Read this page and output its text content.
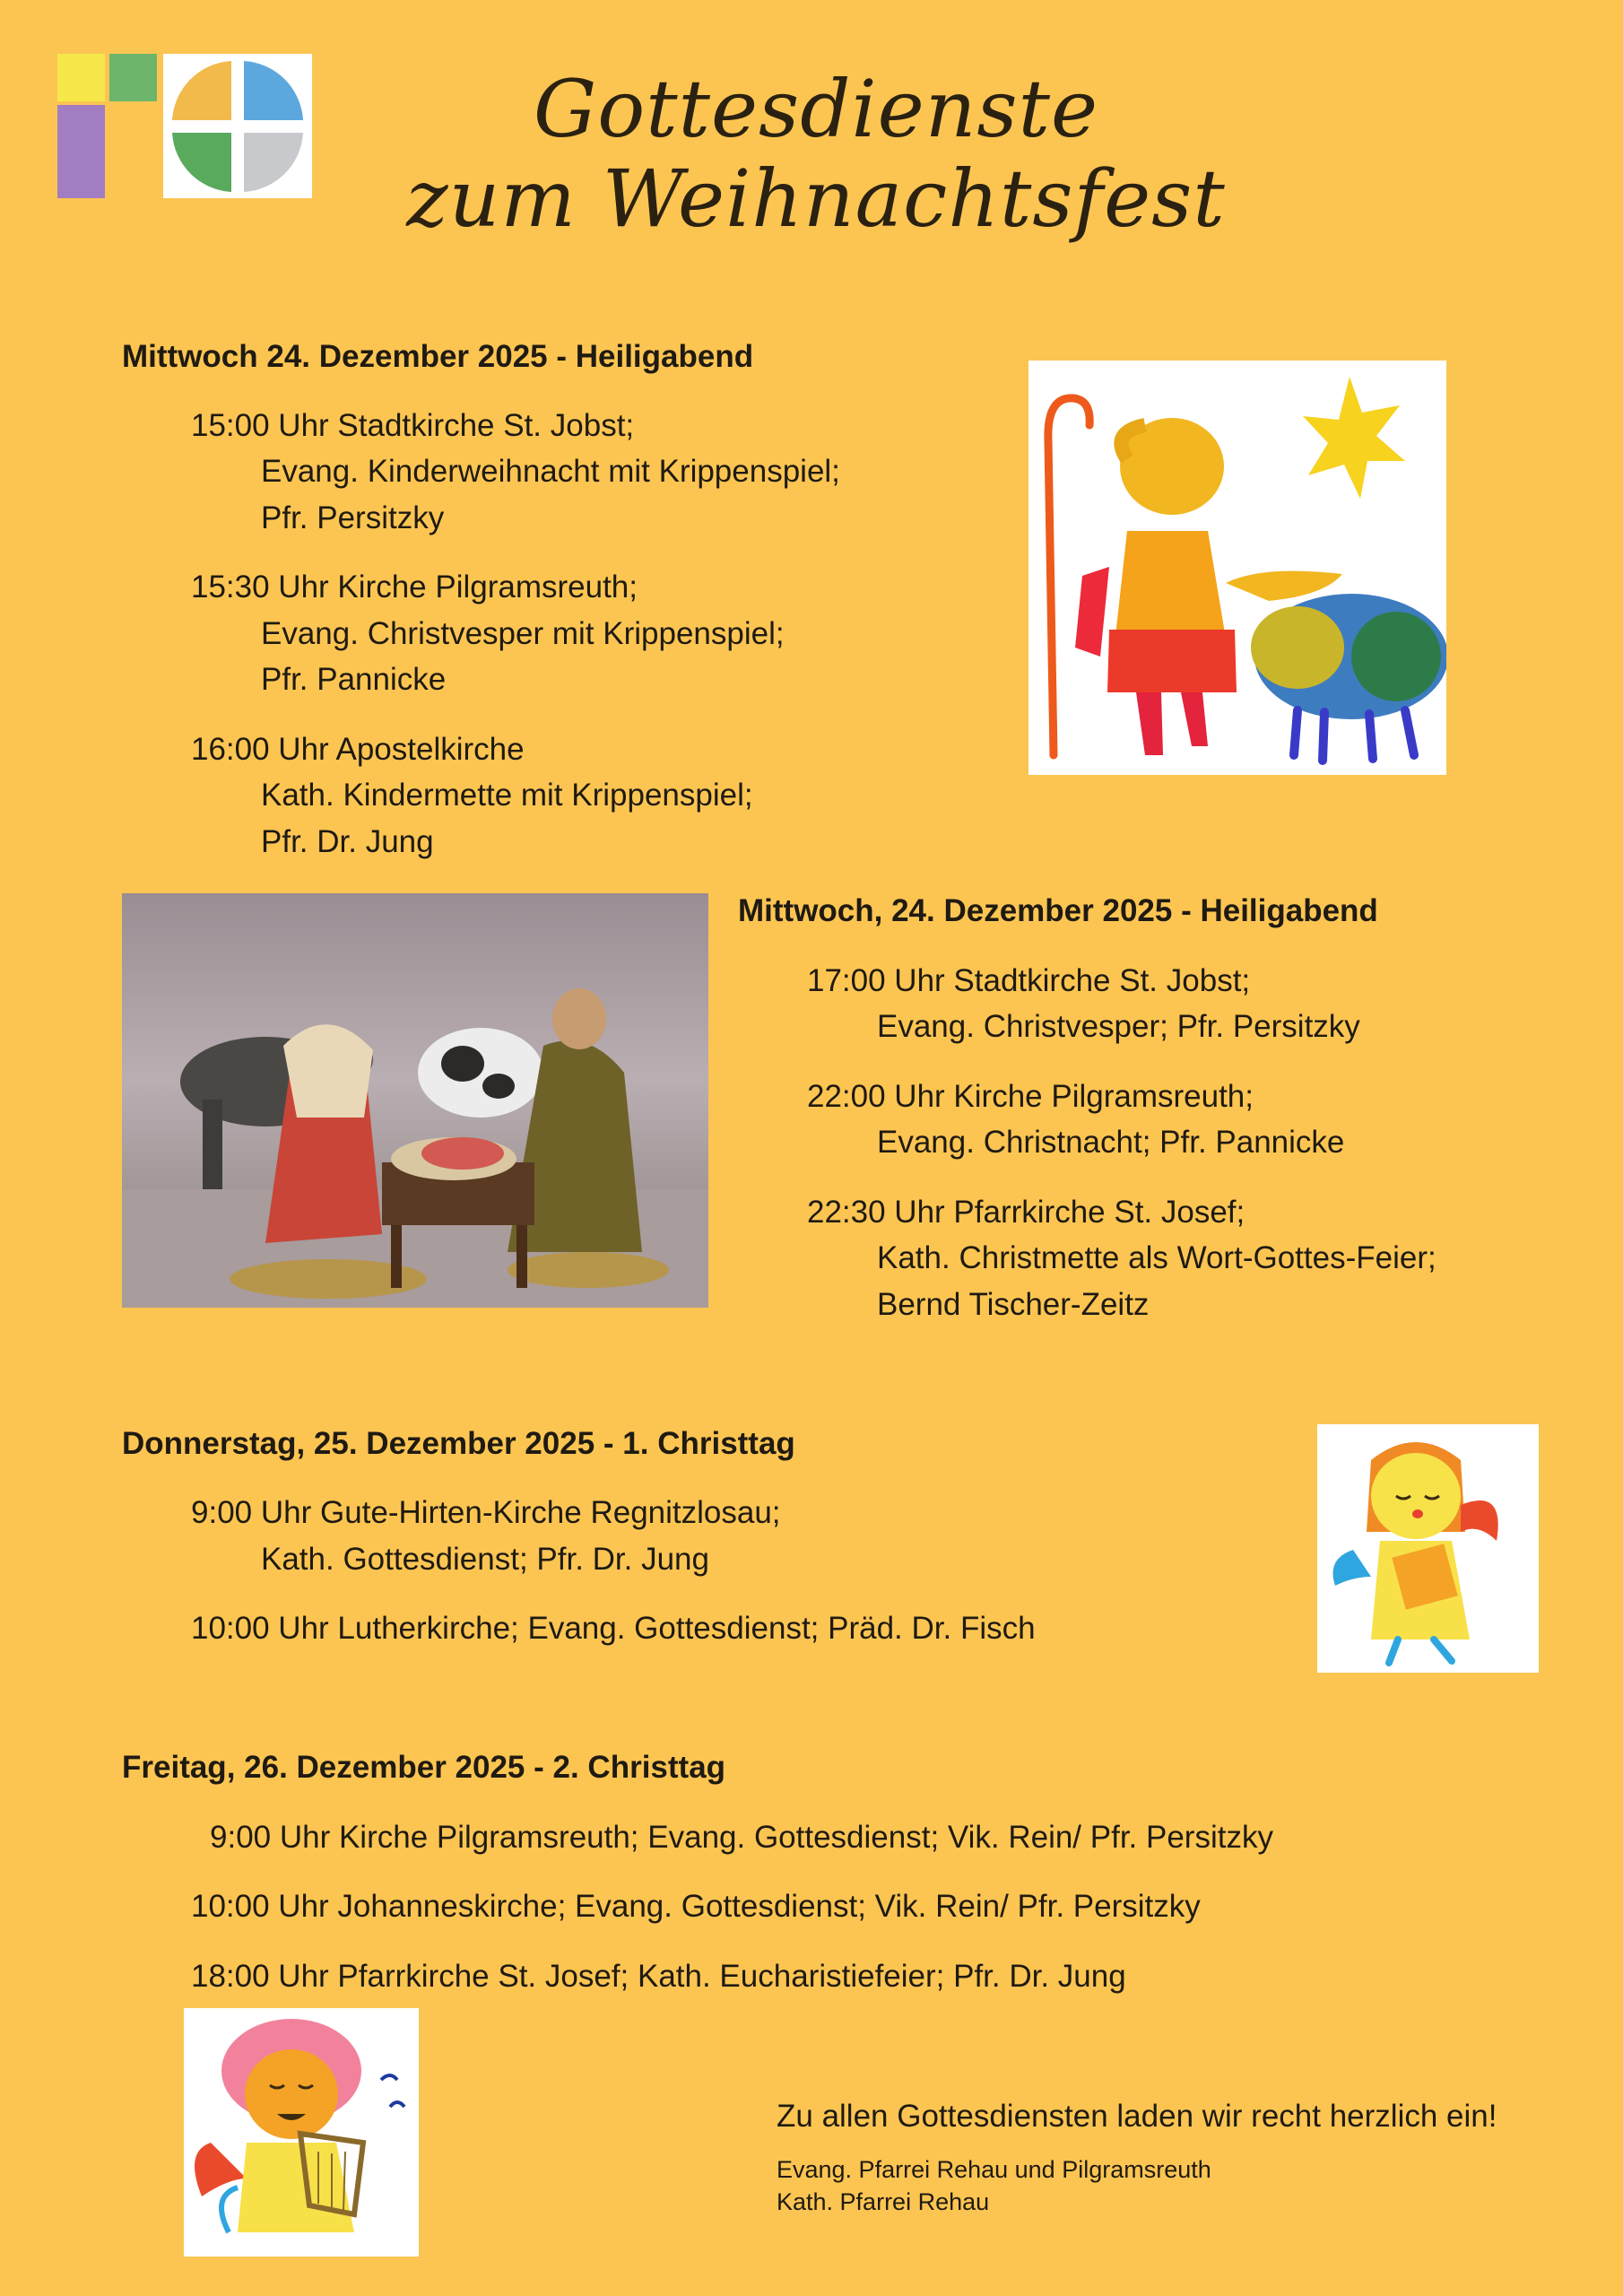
Gottesdienste
zum Weihnachtsfest
Mittwoch 24. Dezember 2025 - Heiligabend
15:00 Uhr Stadtkirche St. Jobst;
Evang. Kinderweihnacht mit Krippenspiel;
Pfr. Persitzky
15:30 Uhr Kirche Pilgramsreuth;
Evang. Christvesper mit Krippenspiel;
Pfr. Pannicke
16:00 Uhr Apostelkirche
Kath. Kindermette mit Krippenspiel;
Pfr. Dr. Jung
Mittwoch, 24. Dezember 2025 - Heiligabend
17:00 Uhr Stadtkirche St. Jobst;
Evang. Christvesper; Pfr. Persitzky
22:00 Uhr Kirche Pilgramsreuth;
Evang. Christnacht; Pfr. Pannicke
22:30 Uhr Pfarrkirche St. Josef;
Kath. Christmette als Wort-Gottes-Feier;
Bernd Tischer-Zeitz
Donnerstag, 25. Dezember 2025 - 1. Christtag
9:00 Uhr Gute-Hirten-Kirche Regnitzlosau;
Kath. Gottesdienst; Pfr. Dr. Jung
10:00 Uhr Lutherkirche; Evang. Gottesdienst; Präd. Dr. Fisch
Freitag, 26. Dezember 2025 - 2. Christtag
9:00 Uhr Kirche Pilgramsreuth; Evang. Gottesdienst; Vik. Rein/ Pfr. Persitzky
10:00 Uhr Johanneskirche; Evang. Gottesdienst; Vik. Rein/ Pfr. Persitzky
18:00 Uhr Pfarrkirche St. Josef; Kath. Eucharistiefeier; Pfr. Dr. Jung
Zu allen Gottesdiensten laden wir recht herzlich ein!
Evang. Pfarrei Rehau und Pilgramsreuth
Kath. Pfarrei Rehau
